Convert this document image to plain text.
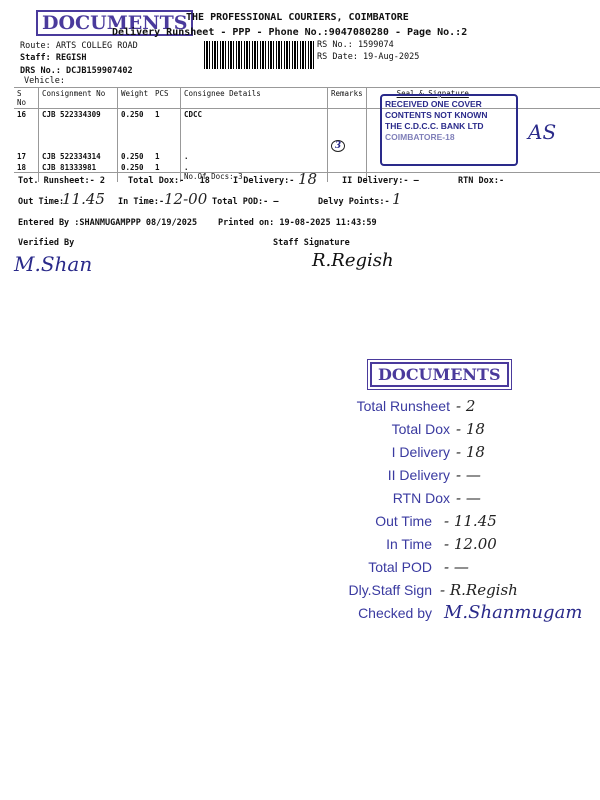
DOCUMENTS
THE PROFESSIONAL COURIERS, COIMBATORE
Delivery Runsheet - PPP - Phone No.:9047080280 - Page No.:2
Route: ARTS COLLEG ROAD
Staff: REGISH
DRS No.: DCJB159907402
Vehicle:
RS No.: 1599074
RS Date: 19-Aug-2025
S No	Consignment No	Weight	PCS	Consignee Details	Remarks	Seal & Signature
16	CJB 522334309	0.250	1	CDCC	3	
17	CJB 522334314	0.250	1	.		
18	CJB 81333981	0.250	1	.
No.Of Docs: 3		
RECEIVED ONE COVER
CONTENTS NOT KNOWN
THE C.D.C.C. BANK LTD
COIMBATORE-18	AS
Tot. Runsheet:- 2	Total Dox:-   18	I Delivery:- 18	II Delivery:- —	RTN Dox:-
Out Time:
11.45 In Time:- 12-00 Total POD:- —	Delvy Points:- 1
Entered By :SHANMUGAMPPP 08/19/2025 Printed on: 19-08-2025 11:43:59
Verified By
M.Shan
Staff Signature
R.Regish
DOCUMENTS
Total Runsheet - 2
Total Dox - 18
I Delivery - 18
II Delivery - —
RTN Dox - —
Out Time - 11.45
In Time - 12.00
Total POD - —
Dly.Staff Sign - R.Regish
Checked by M.Shanmugam
